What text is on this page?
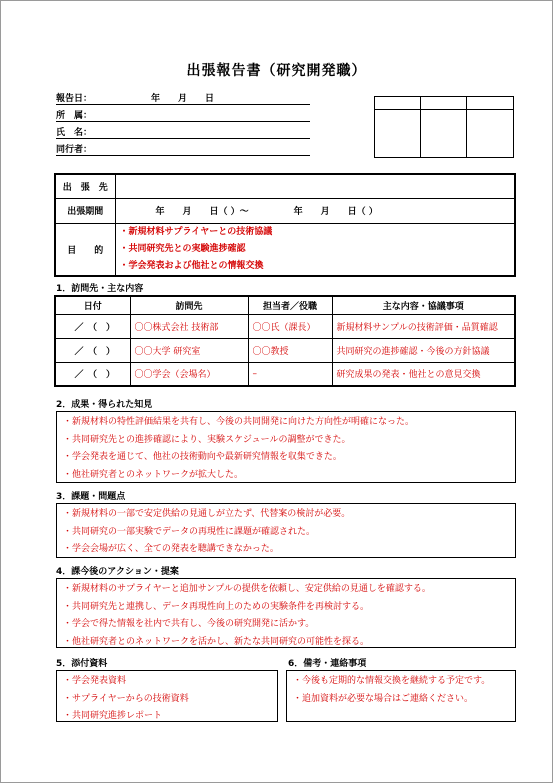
出張報告書（研究開発職）
報告日：	年　　月　　日
所　属：
氏　名：
同行者：

出　張　先	
出張期間	年　　月　　日（ ）〜　　　　　年　　月　　日（ ）
目　　的	・新規材料サプライヤーとの技術協議
・共同研究先との実験進捗確認
・学会発表および他社との情報交換
1．訪問先・主な内容
日付	訪問先	担当者／役職	主な内容・協議事項
／　（　）	〇〇株式会社 技術部	〇〇氏（課長）	新規材料サンプルの技術評価・品質確認
／　（　）	〇〇大学 研究室	〇〇教授	共同研究の進捗確認・今後の方針協議
／　（　）	〇〇学会（会場名）	–	研究成果の発表・他社との意見交換
2．成果・得られた知見
・新規材料の特性評価結果を共有し、今後の共同開発に向けた方向性が明確になった。
・共同研究先との進捗確認により、実験スケジュールの調整ができた。
・学会発表を通じて、他社の技術動向や最新研究情報を収集できた。
・他社研究者とのネットワークが拡大した。
3．課題・問題点
・新規材料の一部で安定供給の見通しが立たず、代替案の検討が必要。
・共同研究の一部実験でデータの再現性に課題が確認された。
・学会会場が広く、全ての発表を聴講できなかった。
4．課今後のアクション・提案
・新規材料のサプライヤーと追加サンプルの提供を依頼し、安定供給の見通しを確認する。
・共同研究先と連携し、データ再現性向上のための実験条件を再検討する。
・学会で得た情報を社内で共有し、今後の研究開発に活かす。
・他社研究者とのネットワークを活かし、新たな共同研究の可能性を探る。
5．添付資料
・学会発表資料
・サプライヤーからの技術資料
・共同研究進捗レポート
6．備考・連絡事項
・今後も定期的な情報交換を継続する予定です。
・追加資料が必要な場合はご連絡ください。
